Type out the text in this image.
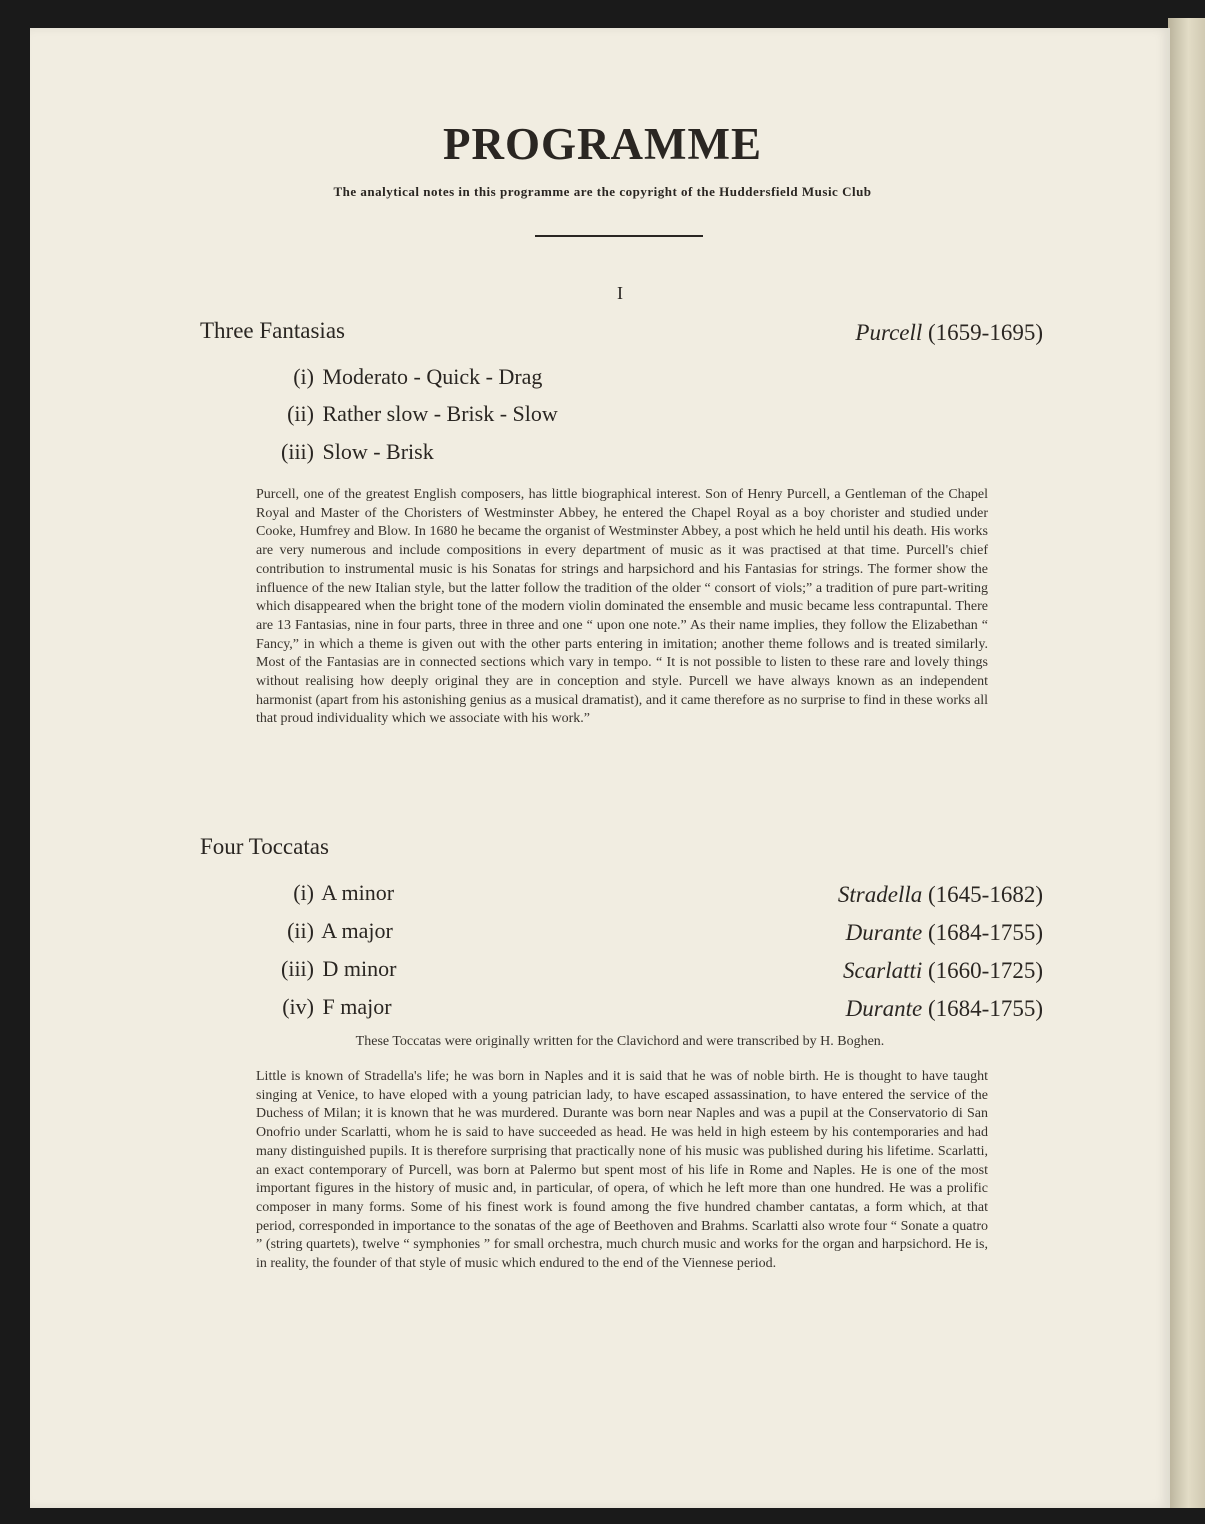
PROGRAMME
The analytical notes in this programme are the copyright of the Huddersfield Music Club
I
Three Fantasias	Purcell (1659-1695)
(i) Moderato - Quick - Drag
(ii) Rather slow - Brisk - Slow
(iii) Slow - Brisk

Purcell, one of the greatest English composers, has little biographical interest. Son of Henry Purcell, a Gentleman of the Chapel Royal and Master of the Choristers of Westminster Abbey, he entered the Chapel Royal as a boy chorister and studied under Cooke, Humfrey and Blow. In 1680 he became the organist of Westminster Abbey, a post which he held until his death. His works are very numerous and include compositions in every department of music as it was practised at that time. Purcell's chief contribution to instrumental music is his Sonatas for strings and harpsichord and his Fantasias for strings. The former show the influence of the new Italian style, but the latter follow the tradition of the older “ consort of viols;” a tradition of pure part-writing which disappeared when the bright tone of the modern violin dominated the ensemble and music became less contrapuntal. There are 13 Fantasias, nine in four parts, three in three and one “ upon one note.” As their name implies, they follow the Elizabethan “ Fancy,” in which a theme is given out with the other parts entering in imitation; another theme follows and is treated similarly. Most of the Fantasias are in connected sections which vary in tempo. “ It is not possible to listen to these rare and lovely things without realising how deeply original they are in conception and style. Purcell we have always known as an independent harmonist (apart from his astonishing genius as a musical dramatist), and it came therefore as no surprise to find in these works all that proud individuality which we associate with his work.”

Four Toccatas
(i) A minor	Stradella (1645-1682)
(ii) A major	Durante (1684-1755)
(iii) D minor	Scarlatti (1660-1725)
(iv) F major	Durante (1684-1755)
These Toccatas were originally written for the Clavichord and were transcribed by H. Boghen.

Little is known of Stradella's life; he was born in Naples and it is said that he was of noble birth. He is thought to have taught singing at Venice, to have eloped with a young patrician lady, to have escaped assassination, to have entered the service of the Duchess of Milan; it is known that he was murdered. Durante was born near Naples and was a pupil at the Conservatorio di San Onofrio under Scarlatti, whom he is said to have succeeded as head. He was held in high esteem by his contemporaries and had many distinguished pupils. It is therefore surprising that practically none of his music was published during his lifetime. Scarlatti, an exact contemporary of Purcell, was born at Palermo but spent most of his life in Rome and Naples. He is one of the most important figures in the history of music and, in particular, of opera, of which he left more than one hundred. He was a prolific composer in many forms. Some of his finest work is found among the five hundred chamber cantatas, a form which, at that period, corresponded in importance to the sonatas of the age of Beethoven and Brahms. Scarlatti also wrote four “ Sonate a quatro ” (string quartets), twelve “ symphonies ” for small orchestra, much church music and works for the organ and harpsichord. He is, in reality, the founder of that style of music which endured to the end of the Viennese period.
